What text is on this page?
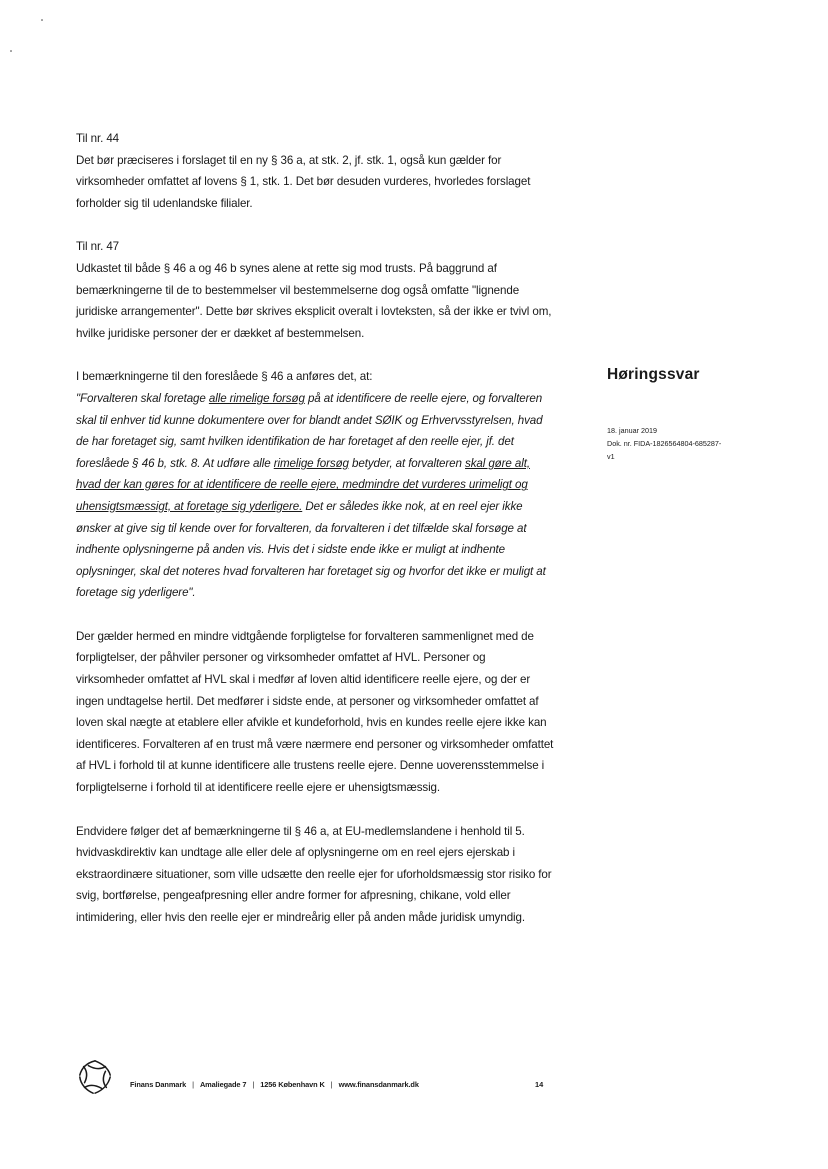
Til nr. 44

Det bør præciseres i forslaget til en ny § 36 a, at stk. 2, jf. stk. 1, også kun gælder for virksomheder omfattet af lovens § 1, stk. 1. Det bør desuden vurderes, hvorledes forslaget forholder sig til udenlandske filialer.

Til nr. 47

Udkastet til både § 46 a og 46 b synes alene at rette sig mod trusts. På baggrund af bemærkningerne til de to bestemmelser vil bestemmelserne dog også omfatte "lignende juridiske arrangementer". Dette bør skrives eksplicit overalt i lovteksten, så der ikke er tvivl om, hvilke juridiske personer der er dækket af bestemmelsen.

I bemærkningerne til den foreslåede § 46 a anføres det, at:

"Forvalteren skal foretage alle rimelige forsøg på at identificere de reelle ejere, og forvalteren skal til enhver tid kunne dokumentere over for blandt andet SØIK og Erhvervsstyrelsen, hvad de har foretaget sig, samt hvilken identifikation de har foretaget af den reelle ejer, jf. det foreslåede § 46 b, stk. 8. At udføre alle rimelige forsøg betyder, at forvalteren skal gøre alt, hvad der kan gøres for at identificere de reelle ejere, medmindre det vurderes urimeligt og uhensigtsmæssigt, at foretage sig yderligere. Det er således ikke nok, at en reel ejer ikke ønsker at give sig til kende over for forvalteren, da forvalteren i det tilfælde skal forsøge at indhente oplysningerne på anden vis. Hvis det i sidste ende ikke er muligt at indhente oplysninger, skal det noteres hvad forvalteren har foretaget sig og hvorfor det ikke er muligt at foretage sig yderligere".

Der gælder hermed en mindre vidtgående forpligtelse for forvalteren sammenlignet med de forpligtelser, der påhviler personer og virksomheder omfattet af HVL. Personer og virksomheder omfattet af HVL skal i medfør af loven altid identificere reelle ejere, og der er ingen undtagelse hertil. Det medfører i sidste ende, at personer og virksomheder omfattet af loven skal nægte at etablere eller afvikle et kundeforhold, hvis en kundes reelle ejere ikke kan identificeres. Forvalteren af en trust må være nærmere end personer og virksomheder omfattet af HVL i forhold til at kunne identificere alle trustens reelle ejere. Denne uoverensstemmelse i forpligtelserne i forhold til at identificere reelle ejere er uhensigtsmæssig.

Endvidere følger det af bemærkningerne til § 46 a, at EU-medlemslandene i henhold til 5. hvidvaskdirektiv kan undtage alle eller dele af oplysningerne om en reel ejers ejerskab i ekstraordinære situationer, som ville udsætte den reelle ejer for uforholdsmæssig stor risiko for svig, bortførelse, pengeafpresning eller andre former for afpresning, chikane, vold eller intimidering, eller hvis den reelle ejer er mindreårig eller på anden måde juridisk umyndig.

Høringssvar

18. januar 2019

Dok. nr. FIDA-1826564804-685287-

v1

Finans Danmark | Amaliegade 7 | 1256 København K | www.finansdanmark.dk	14
